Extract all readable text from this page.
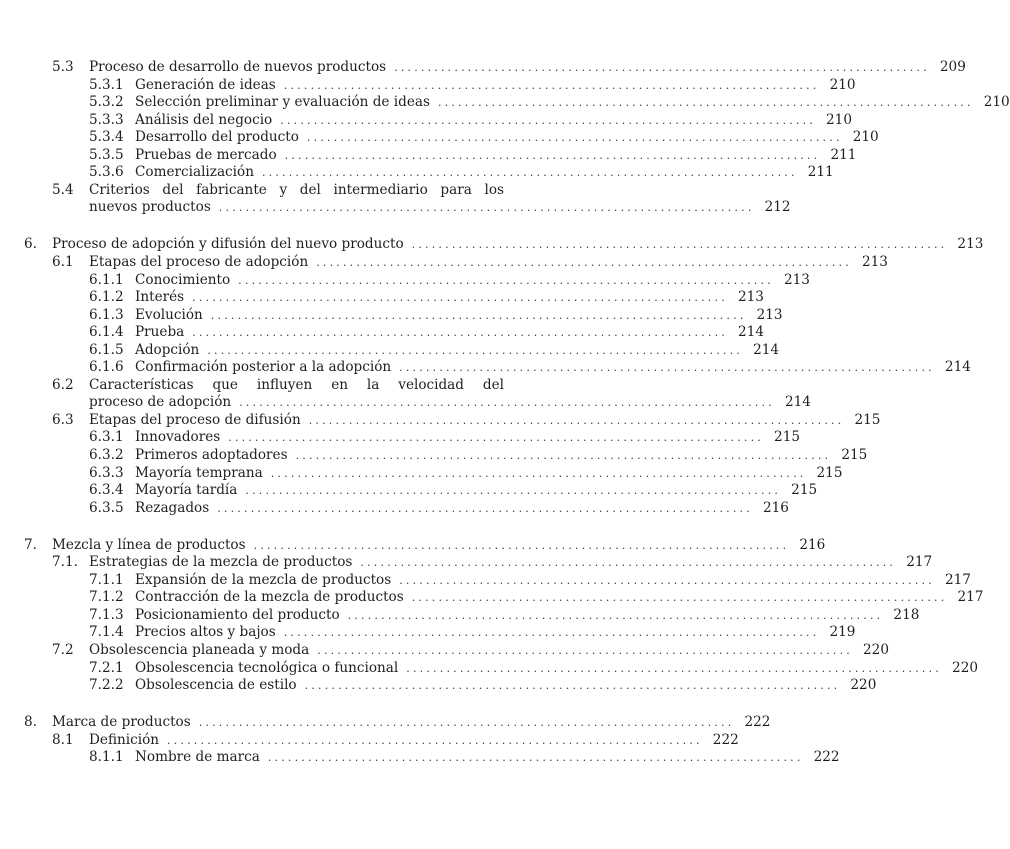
5.3 Proceso de desarrollo de nuevos productos ................................................................................ 209
5.3.1 Generación de ideas ................................................................................ 210
5.3.2 Selección preliminar y evaluación de ideas ................................................................................ 210
5.3.3 Análisis del negocio ................................................................................ 210
5.3.4 Desarrollo del producto ................................................................................ 210
5.3.5 Pruebas de mercado ................................................................................ 211
5.3.6 Comercialización ................................................................................ 211
5.4 Criterios del fabricante y del intermediario para los
nuevos productos ................................................................................ 212
6. Proceso de adopción y difusión del nuevo producto ................................................................................ 213
6.1 Etapas del proceso de adopción ................................................................................ 213
6.1.1 Conocimiento ................................................................................ 213
6.1.2 Interés ................................................................................ 213
6.1.3 Evolución ................................................................................ 213
6.1.4 Prueba ................................................................................ 214
6.1.5 Adopción ................................................................................ 214
6.1.6 Confirmación posterior a la adopción ................................................................................ 214
6.2 Características que influyen en la velocidad del
proceso de adopción ................................................................................ 214
6.3 Etapas del proceso de difusión ................................................................................ 215
6.3.1 Innovadores ................................................................................ 215
6.3.2 Primeros adoptadores ................................................................................ 215
6.3.3 Mayoría temprana ................................................................................ 215
6.3.4 Mayoría tardía ................................................................................ 215
6.3.5 Rezagados ................................................................................ 216
7. Mezcla y línea de productos ................................................................................ 216
7.1. Estrategias de la mezcla de productos ................................................................................ 217
7.1.1 Expansión de la mezcla de productos ................................................................................ 217
7.1.2 Contracción de la mezcla de productos ................................................................................ 217
7.1.3 Posicionamiento del producto ................................................................................ 218
7.1.4 Precios altos y bajos ................................................................................ 219
7.2 Obsolescencia planeada y moda ................................................................................ 220
7.2.1 Obsolescencia tecnológica o funcional ................................................................................ 220
7.2.2 Obsolescencia de estilo ................................................................................ 220
8. Marca de productos ................................................................................ 222
8.1 Definición ................................................................................ 222
8.1.1 Nombre de marca ................................................................................ 222
